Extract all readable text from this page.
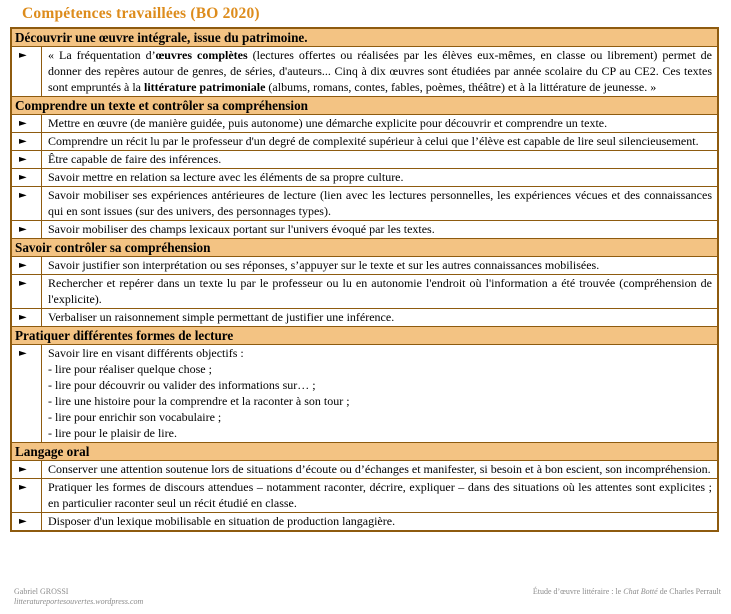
Compétences travaillées (BO 2020)
Découvrir une œuvre intégrale, issue du patrimoine.
►	« La fréquentation d’œuvres complètes (lectures offertes ou réalisées par les élèves eux-mêmes, en classe ou librement) permet de donner des repères autour de genres, de séries, d'auteurs... Cinq à dix œuvres sont étudiées par année scolaire du CP au CE2. Ces textes sont empruntés à la littérature patrimoniale (albums, romans, contes, fables, poèmes, théâtre) et à la littérature de jeunesse. »
Comprendre un texte et contrôler sa compréhension
►	Mettre en œuvre (de manière guidée, puis autonome) une démarche explicite pour découvrir et comprendre un texte.
►	Comprendre un récit lu par le professeur d'un degré de complexité supérieur à celui que l’élève est capable de lire seul silencieusement.
►	Être capable de faire des inférences.
►	Savoir mettre en relation sa lecture avec les éléments de sa propre culture.
►	Savoir mobiliser ses expériences antérieures de lecture (lien avec les lectures personnelles, les expériences vécues et des connaissances qui en sont issues (sur des univers, des personnages types).
►	Savoir mobiliser des champs lexicaux portant sur l'univers évoqué par les textes.
Savoir contrôler sa compréhension
►	Savoir justifier son interprétation ou ses réponses, s’appuyer sur le texte et sur les autres connaissances mobilisées.
►	Rechercher et repérer dans un texte lu par le professeur ou lu en autonomie l'endroit où l'information a été trouvée (compréhension de l'explicite).
►	Verbaliser un raisonnement simple permettant de justifier une inférence.
Pratiquer différentes formes de lecture
►	Savoir lire en visant différents objectifs :
- lire pour réaliser quelque chose ;
- lire pour découvrir ou valider des informations sur… ;
- lire une histoire pour la comprendre et la raconter à son tour ;
- lire pour enrichir son vocabulaire ;
- lire pour le plaisir de lire.
Langage oral
►	Conserver une attention soutenue lors de situations d’écoute ou d’échanges et manifester, si besoin et à bon escient, son incompréhension.
►	Pratiquer les formes de discours attendues – notamment raconter, décrire, expliquer – dans des situations où les attentes sont explicites ; en particulier raconter seul un récit étudié en classe.
►	Disposer d'un lexique mobilisable en situation de production langagière.
Gabriel GROSSI
litteratureportesouvertes.wordpress.com
Étude d’œuvre littéraire : le Chat Botté de Charles Perrault
